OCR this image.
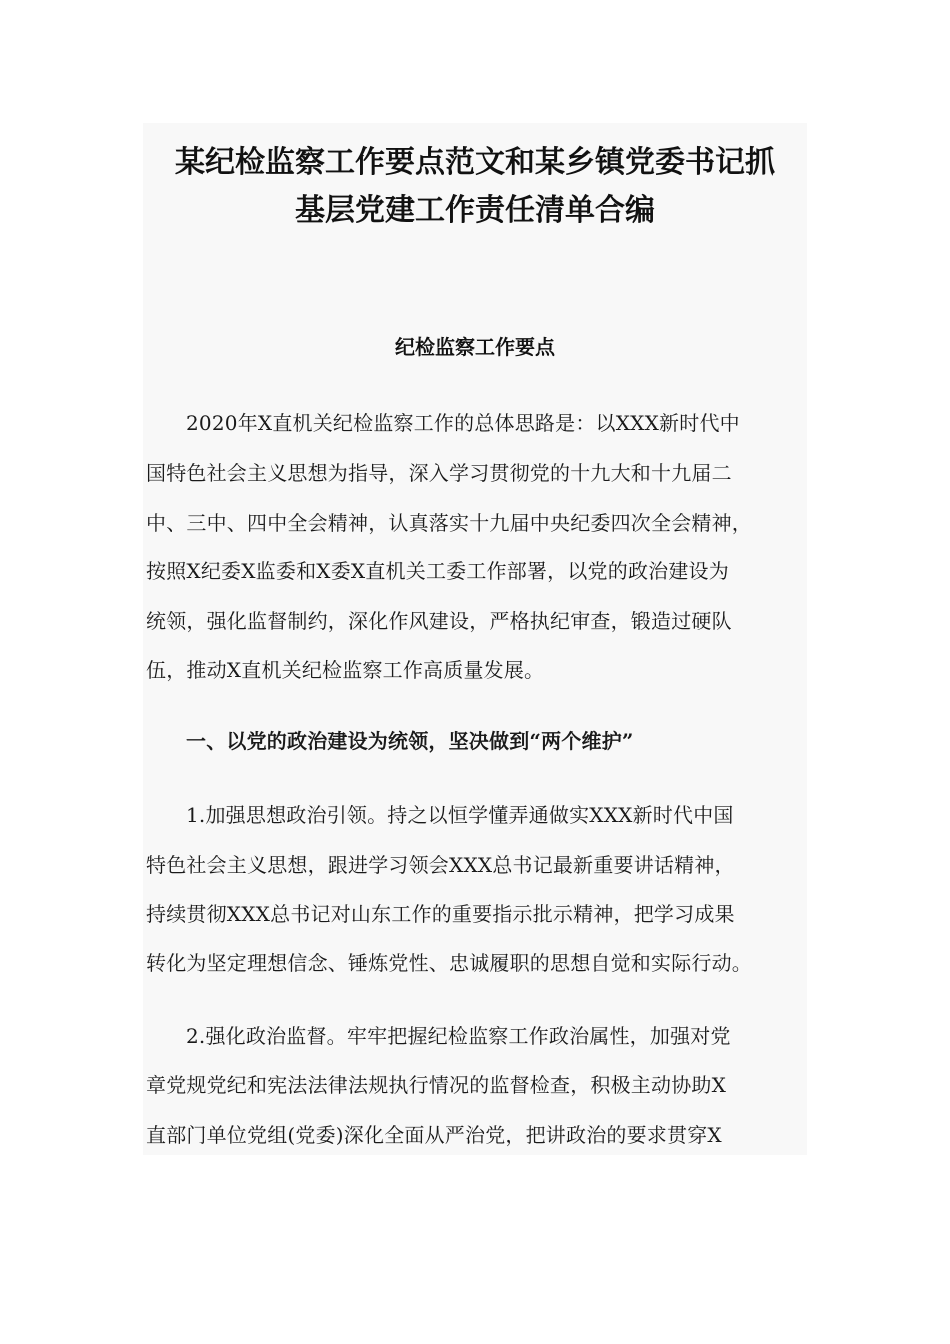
某纪检监察工作要点范文和某乡镇党委书记抓
基层党建工作责任清单合编
纪检监察工作要点
2020年X直机关纪检监察工作的总体思路是：以XXX新时代中
国特色社会主义思想为指导，深入学习贯彻党的十九大和十九届二
中、三中、四中全会精神，认真落实十九届中央纪委四次全会精神，
按照X纪委X监委和X委X直机关工委工作部署，以党的政治建设为
统领，强化监督制约，深化作风建设，严格执纪审查，锻造过硬队
伍，推动X直机关纪检监察工作高质量发展。
一、以党的政治建设为统领，坚决做到“两个维护”
1.加强思想政治引领。持之以恒学懂弄通做实XXX新时代中国
特色社会主义思想，跟进学习领会XXX总书记最新重要讲话精神，
持续贯彻XXX总书记对山东工作的重要指示批示精神，把学习成果
转化为坚定理想信念、锤炼党性、忠诚履职的思想自觉和实际行动。
2.强化政治监督。牢牢把握纪检监察工作政治属性，加强对党
章党规党纪和宪法法律法规执行情况的监督检查，积极主动协助X
直部门单位党组(党委)深化全面从严治党，把讲政治的要求贯穿X
